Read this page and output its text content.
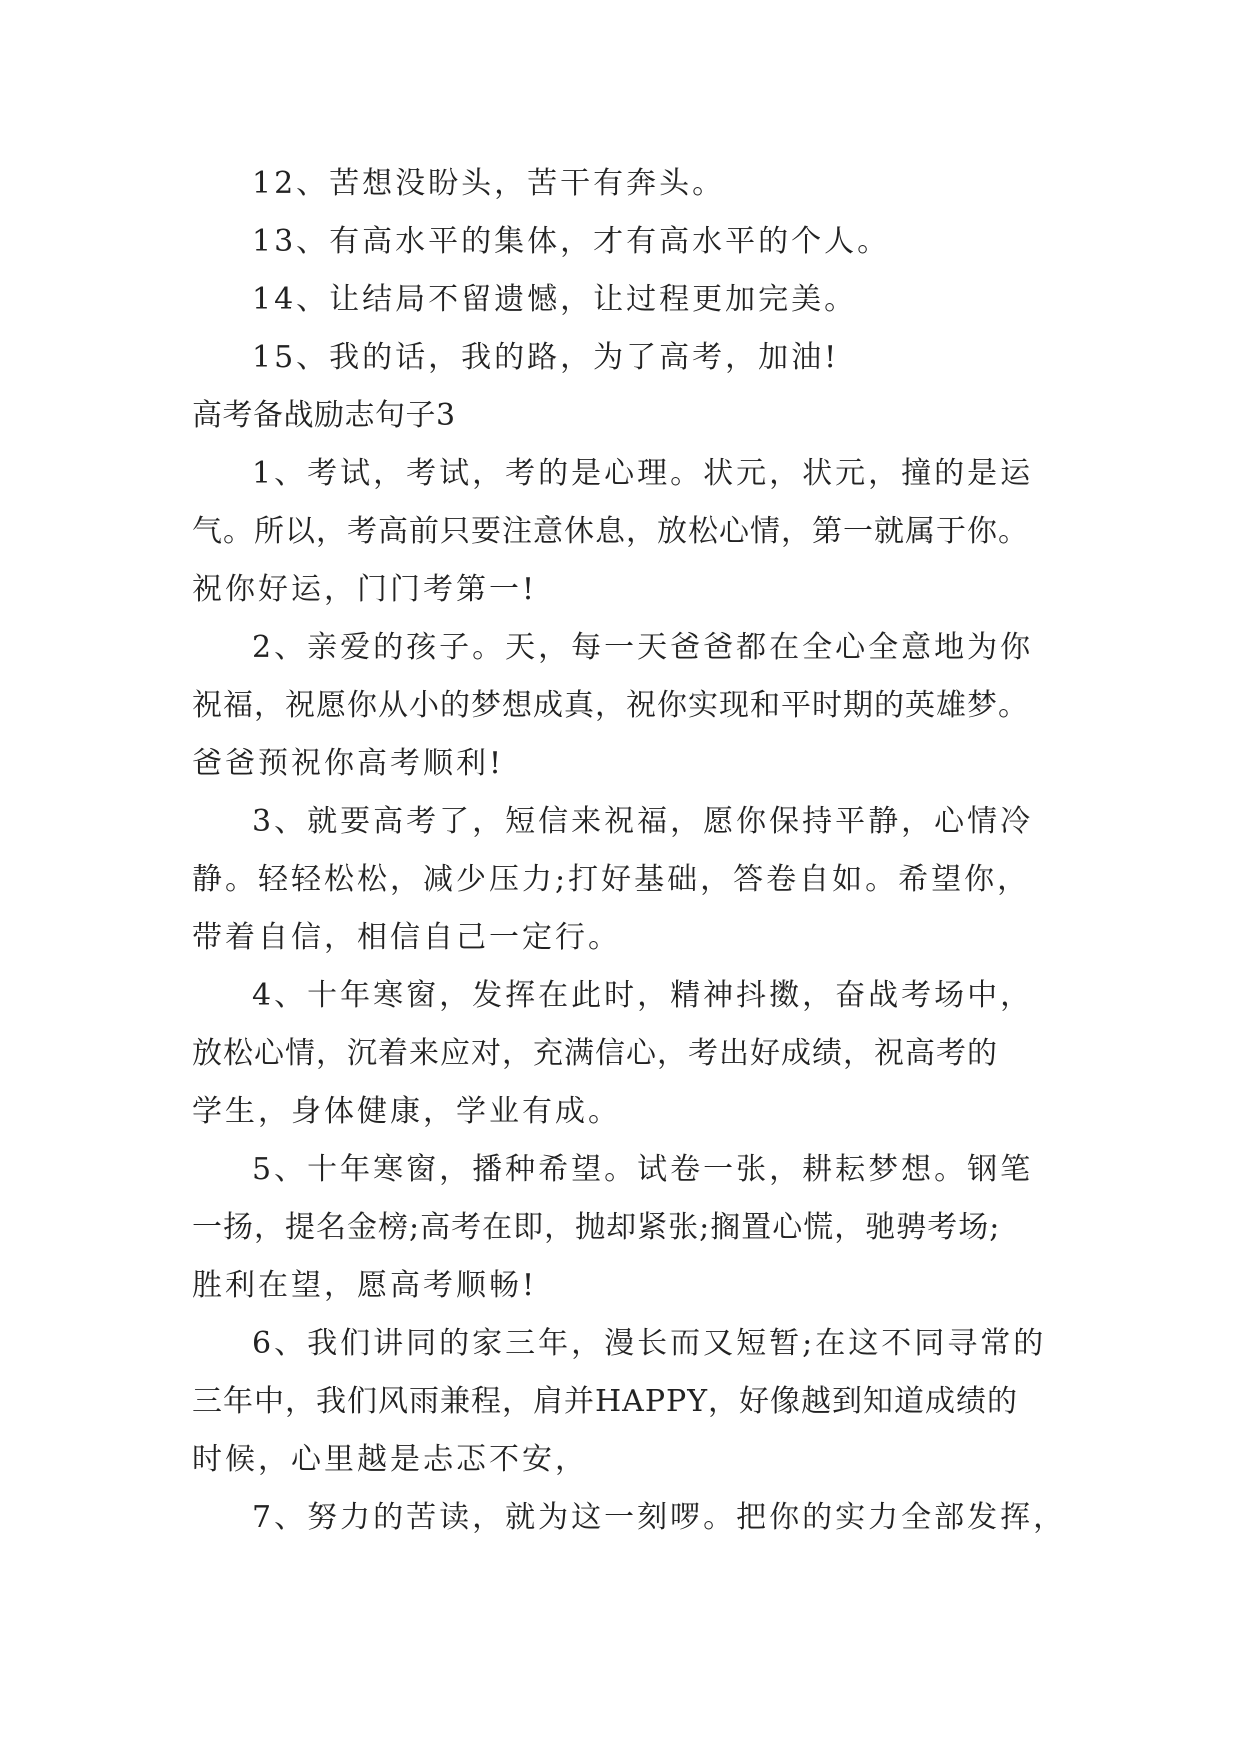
12、苦想没盼头，苦干有奔头。

13、有高水平的集体，才有高水平的个人。

14、让结局不留遗憾，让过程更加完美。

15、我的话，我的路，为了高考，加油!

高考备战励志句子3

1、考试，考试，考的是心理。状元，状元，撞的是运

气。所以，考高前只要注意休息，放松心情，第一就属于你。

祝你好运，门门考第一!

2、亲爱的孩子。天，每一天爸爸都在全心全意地为你

祝福，祝愿你从小的梦想成真，祝你实现和平时期的英雄梦。

爸爸预祝你高考顺利!

3、就要高考了，短信来祝福，愿你保持平静，心情冷

静。轻轻松松，减少压力;打好基础，答卷自如。希望你，

带着自信，相信自己一定行。

4、十年寒窗，发挥在此时，精神抖擞，奋战考场中，

放松心情，沉着来应对，充满信心，考出好成绩，祝高考的

学生，身体健康，学业有成。

5、十年寒窗，播种希望。试卷一张，耕耘梦想。钢笔

一扬，提名金榜;高考在即，抛却紧张;搁置心慌，驰骋考场;

胜利在望，愿高考顺畅!

6、我们讲同的家三年，漫长而又短暂;在这不同寻常的

三年中，我们风雨兼程，肩并HAPPY，好像越到知道成绩的

时候，心里越是忐忑不安，

7、努力的苦读，就为这一刻啰。把你的实力全部发挥，
